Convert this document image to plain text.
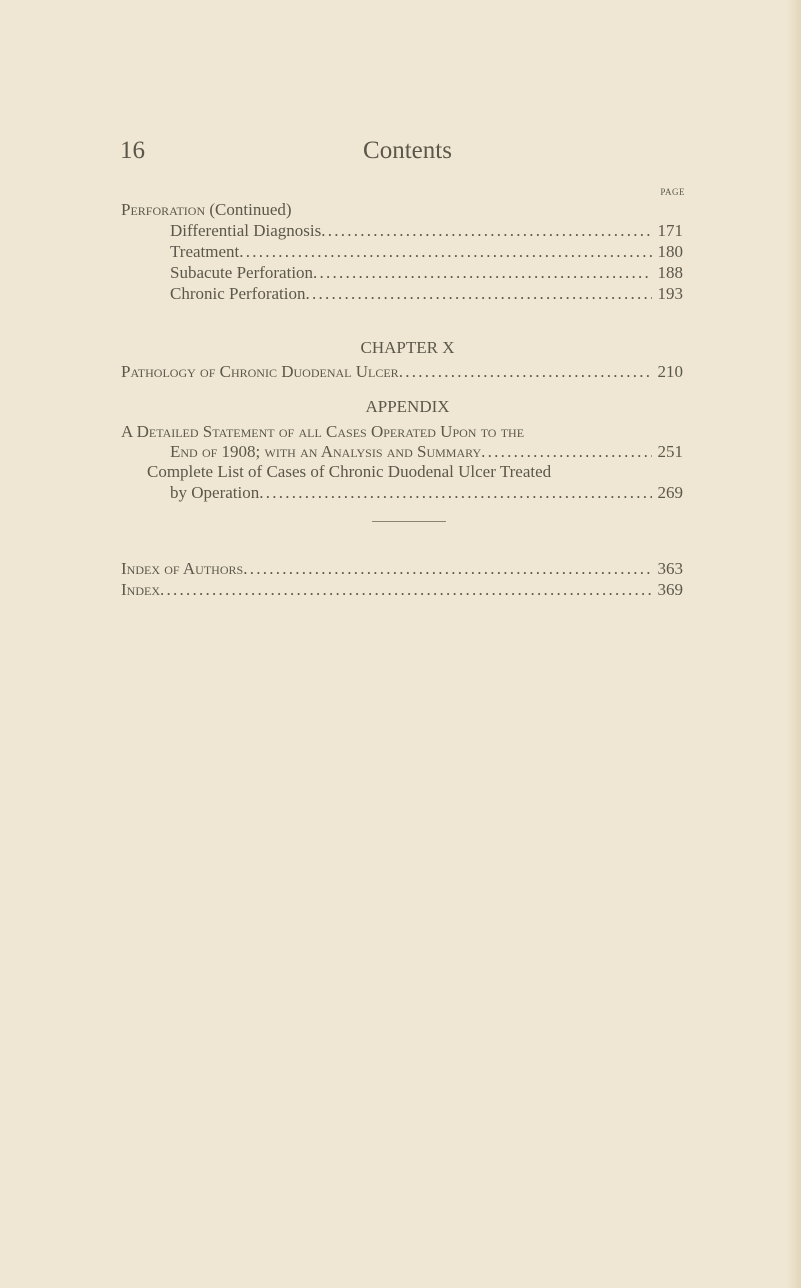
16	Contents
PAGE
Perforation (Continued)
Differential Diagnosis . . .	171
Treatment . . .	180
Subacute Perforation . . .	188
Chronic Perforation . . .	193
CHAPTER X
Pathology of Chronic Duodenal Ulcer . . .	210
APPENDIX
A Detailed Statement of all Cases Operated Upon to the
End of 1908; with an Analysis and Summary . . .	251
Complete List of Cases of Chronic Duodenal Ulcer Treated
by Operation . . .	269
Index of Authors . . .	363
Index . . .	369
